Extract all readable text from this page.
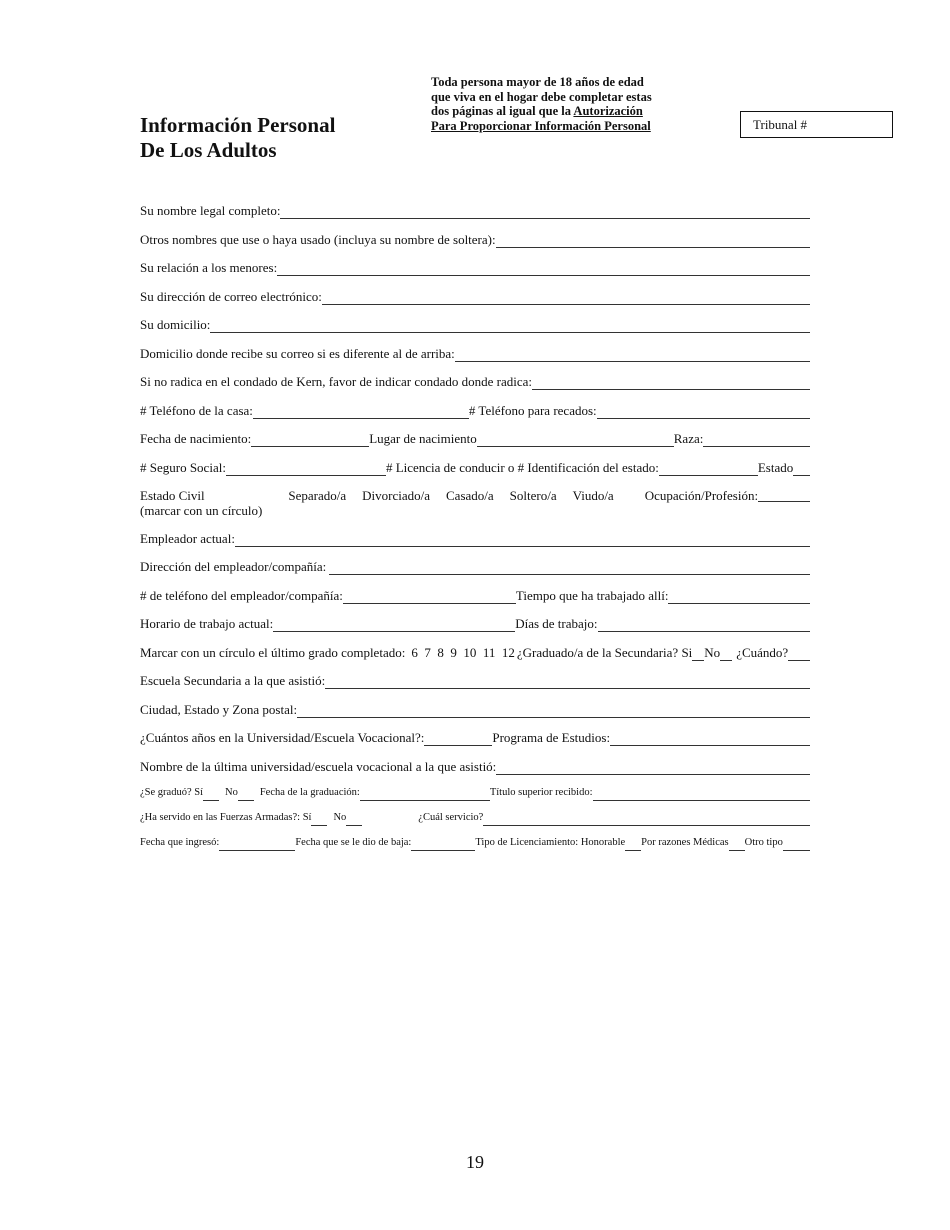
Información Personal
De Los Adultos
Toda persona mayor de 18 años de edad
que viva en el hogar debe completar estas
dos páginas al igual que la Autorización
Para Proporcionar Información Personal	Tribunal #
Su nombre legal completo:
Otros nombres que use o haya usado (incluya su nombre de soltera):
Su relación a los menores:
Su dirección de correo electrónico:
Su domicilio:
Domicilio donde recibe su correo si es diferente al de arriba:
Si no radica en el condado de Kern, favor de indicar condado donde radica:
# Teléfono de la casa:	# Teléfono para recados:
Fecha de nacimiento:	Lugar de nacimiento	Raza:
# Seguro Social:	# Licencia de conducir o # Identificación del estado:	Estado
Estado Civil
(marcar con un círculo)
Separado/a Divorciado/a Casado/a Soltero/a Viudo/a Ocupación/Profesión:
Empleador actual:
Dirección del empleador/compañía:
# de teléfono del empleador/compañía:	Tiempo que ha trabajado allí:
Horario de trabajo actual:	Días de trabajo:
Marcar con un círculo el último grado completado: 6  7  8  9  10  11  12 ¿Graduado/a de la Secundaria? Si No ¿Cuándo?
Escuela Secundaria a la que asistió:
Ciudad, Estado y Zona postal:
¿Cuántos años en la Universidad/Escuela Vocacional?:	Programa de Estudios:
Nombre de la última universidad/escuela vocacional a la que asistió:
¿Se graduó? Sí No Fecha de la graduación:	Título superior recibido:
¿Ha servido en las Fuerzas Armadas?: Sí No	¿Cuál servicio?
Fecha que ingresó:	Fecha que se le dio de baja:	Tipo de Licenciamiento: Honorable Por razones Médicas Otro tipo
19
